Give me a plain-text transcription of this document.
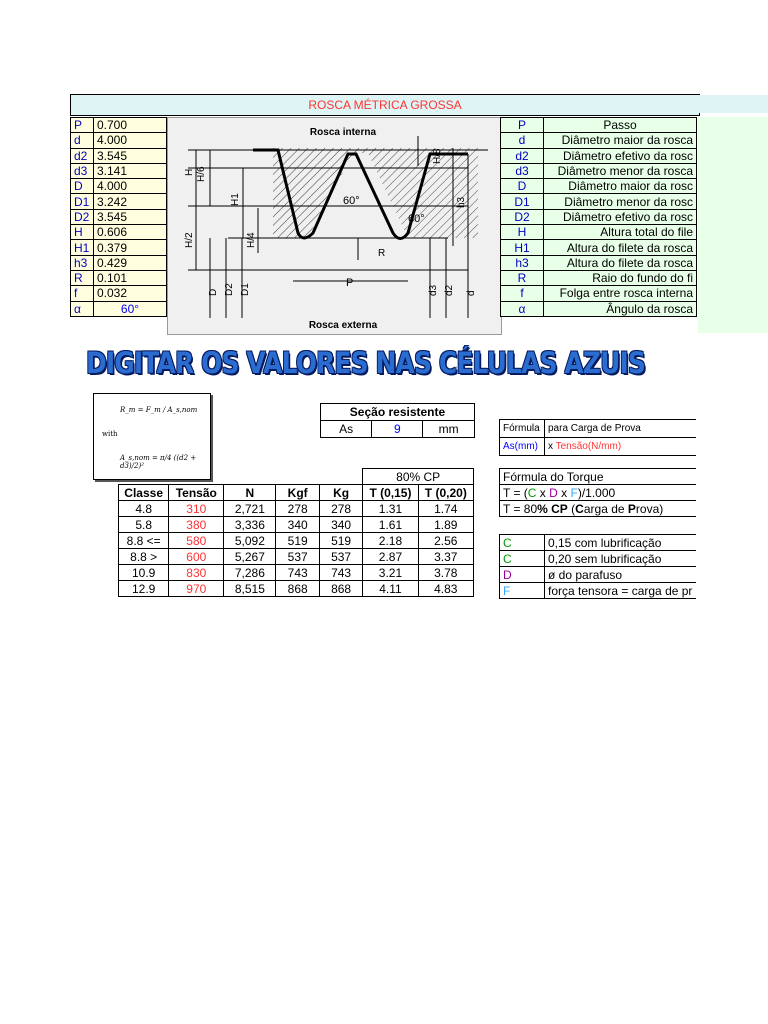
ROSCA MÉTRICA GROSSA
P	0.700
d	4.000
d2	3.545
d3	3.141
D	4.000
D1	3.242
D2	3.545
H	0.606
H1	0.379
h3	0.429
R	0.101
f	0.032
α	60°
Rosca interna
Rosca externa
60°
60°
P
H H/6
H1
H/2	H/4
H/8
h3
R
D D2 D1	d3 d2 d
P	Passo
d	Diâmetro maior da rosca
d2	Diâmetro efetivo da rosc
d3	Diâmetro menor da rosca
D	Diâmetro maior da rosc
D1	Diâmetro menor da rosc
D2	Diâmetro efetivo da rosc
H	Altura total do file
H1	Altura do filete da rosca
h3	Altura do filete da rosca
R	Raio do fundo do fi
f	Folga entre rosca interna
α	Ângulo da rosca
DIGITAR OS VALORES NAS CÉLULAS AZUIS
R_m = F_m / A_s,nom
with
A_s,nom = π/4 ((d2 + d3)/2)²
Seção resistente
As	9	mm
					80% CP	
Classe	Tensão	N	Kgf	Kg	T (0,15)	T (0,20)
4.8	310	2,721	278	278	1.31	1.74
5.8	380	3,336	340	340	1.61	1.89
8.8 <=	580	5,092	519	519	2.18	2.56
8.8 >	600	5,267	537	537	2.87	3.37
10.9	830	7,286	743	743	3.21	3.78
12.9	970	8,515	868	868	4.11	4.83
Fórmula	para Carga de Prova
As(mm)	x Tensão(N/mm)
Fórmula do Torque
T = (C x D x F)/1.000
T = 80% CP (Carga de Prova)
C	0,15 com lubrificação
C	0,20 sem lubrificação
D	ø do parafuso
F	força tensora = carga de pr
